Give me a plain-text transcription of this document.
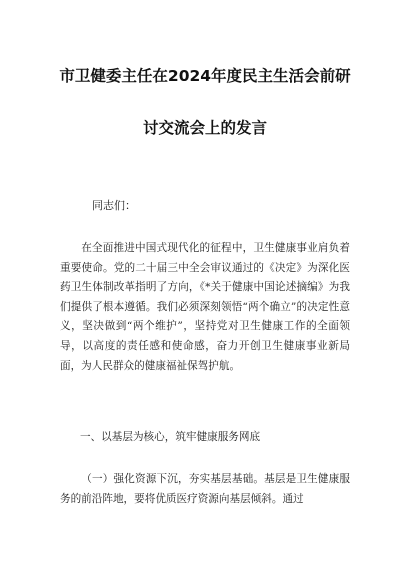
市卫健委主任在2024年度民主生活会前研
讨交流会上的发言
同志们：

在全面推进中国式现代化的征程中，卫生健康事业肩负着重要使命。党的二十届三中全会审议通过的《决定》为深化医药卫生体制改革指明了方向，《*关于健康中国论述摘编》为我们提供了根本遵循。我们必须深刻领悟“两个确立”的决定性意义，坚决做到“两个维护”，坚持党对卫生健康工作的全面领导，以高度的责任感和使命感，奋力开创卫生健康事业新局面，为人民群众的健康福祉保驾护航。

一、以基层为核心，筑牢健康服务网底

（一）强化资源下沉，夯实基层基础。基层是卫生健康服务的前沿阵地，要将优质医疗资源向基层倾斜。通过
